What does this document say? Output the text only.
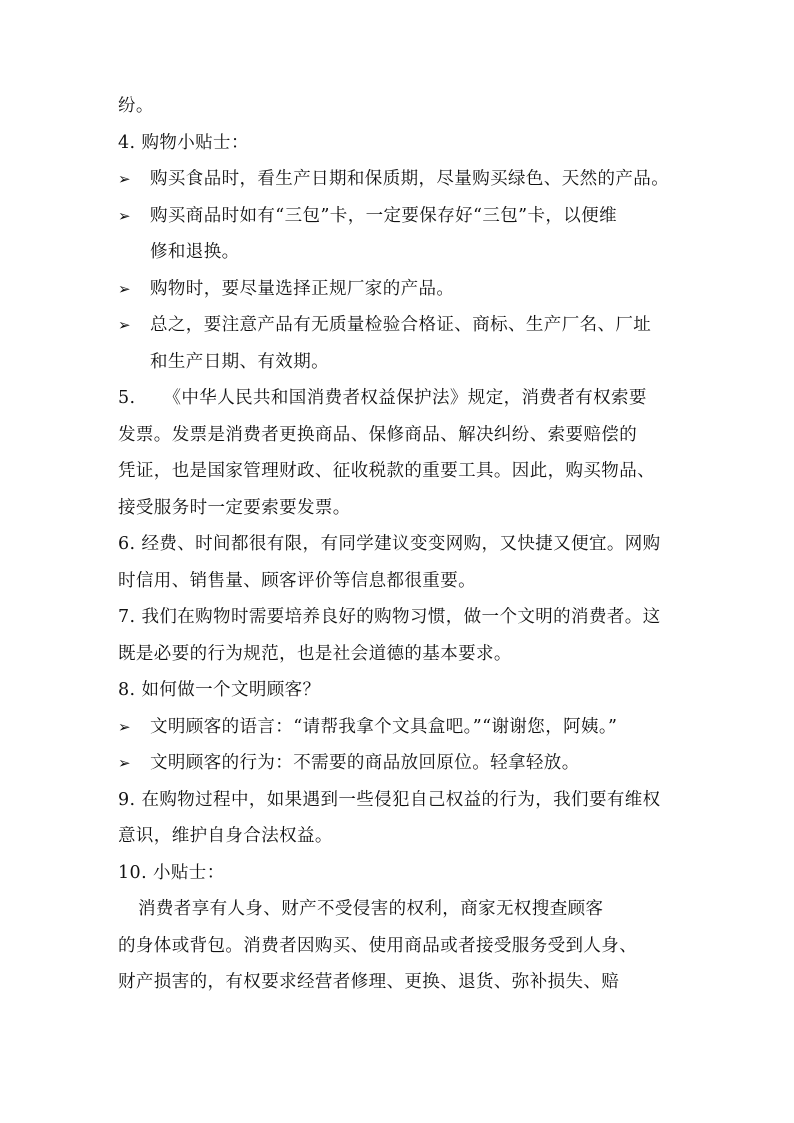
纷。
4. 购物小贴士：
➢	购买食品时，看生产日期和保质期，尽量购买绿色、天然的产品。
➢	购买商品时如有“三包”卡，一定要保存好“三包”卡，以便维
修和退换。
➢	购物时，要尽量选择正规厂家的产品。
➢	总之，要注意产品有无质量检验合格证、商标、生产厂名、厂址
和生产日期、有效期。
5. 《中华人民共和国消费者权益保护法》规定，消费者有权索要
发票。发票是消费者更换商品、保修商品、解决纠纷、索要赔偿的
凭证，也是国家管理财政、征收税款的重要工具。因此，购买物品、
接受服务时一定要索要发票。
6. 经费、时间都很有限，有同学建议变变网购，又快捷又便宜。网购
时信用、销售量、顾客评价等信息都很重要。
7. 我们在购物时需要培养良好的购物习惯，做一个文明的消费者。这
既是必要的行为规范，也是社会道德的基本要求。
8. 如何做一个文明顾客？
➢	文明顾客的语言：“请帮我拿个文具盒吧。”“谢谢您，阿姨。”
➢	文明顾客的行为：不需要的商品放回原位。轻拿轻放。
9. 在购物过程中，如果遇到一些侵犯自己权益的行为，我们要有维权
意识，维护自身合法权益。
10. 小贴士：
消费者享有人身、财产不受侵害的权利，商家无权搜查顾客
的身体或背包。消费者因购买、使用商品或者接受服务受到人身、
财产损害的，有权要求经营者修理、更换、退货、弥补损失、赔
